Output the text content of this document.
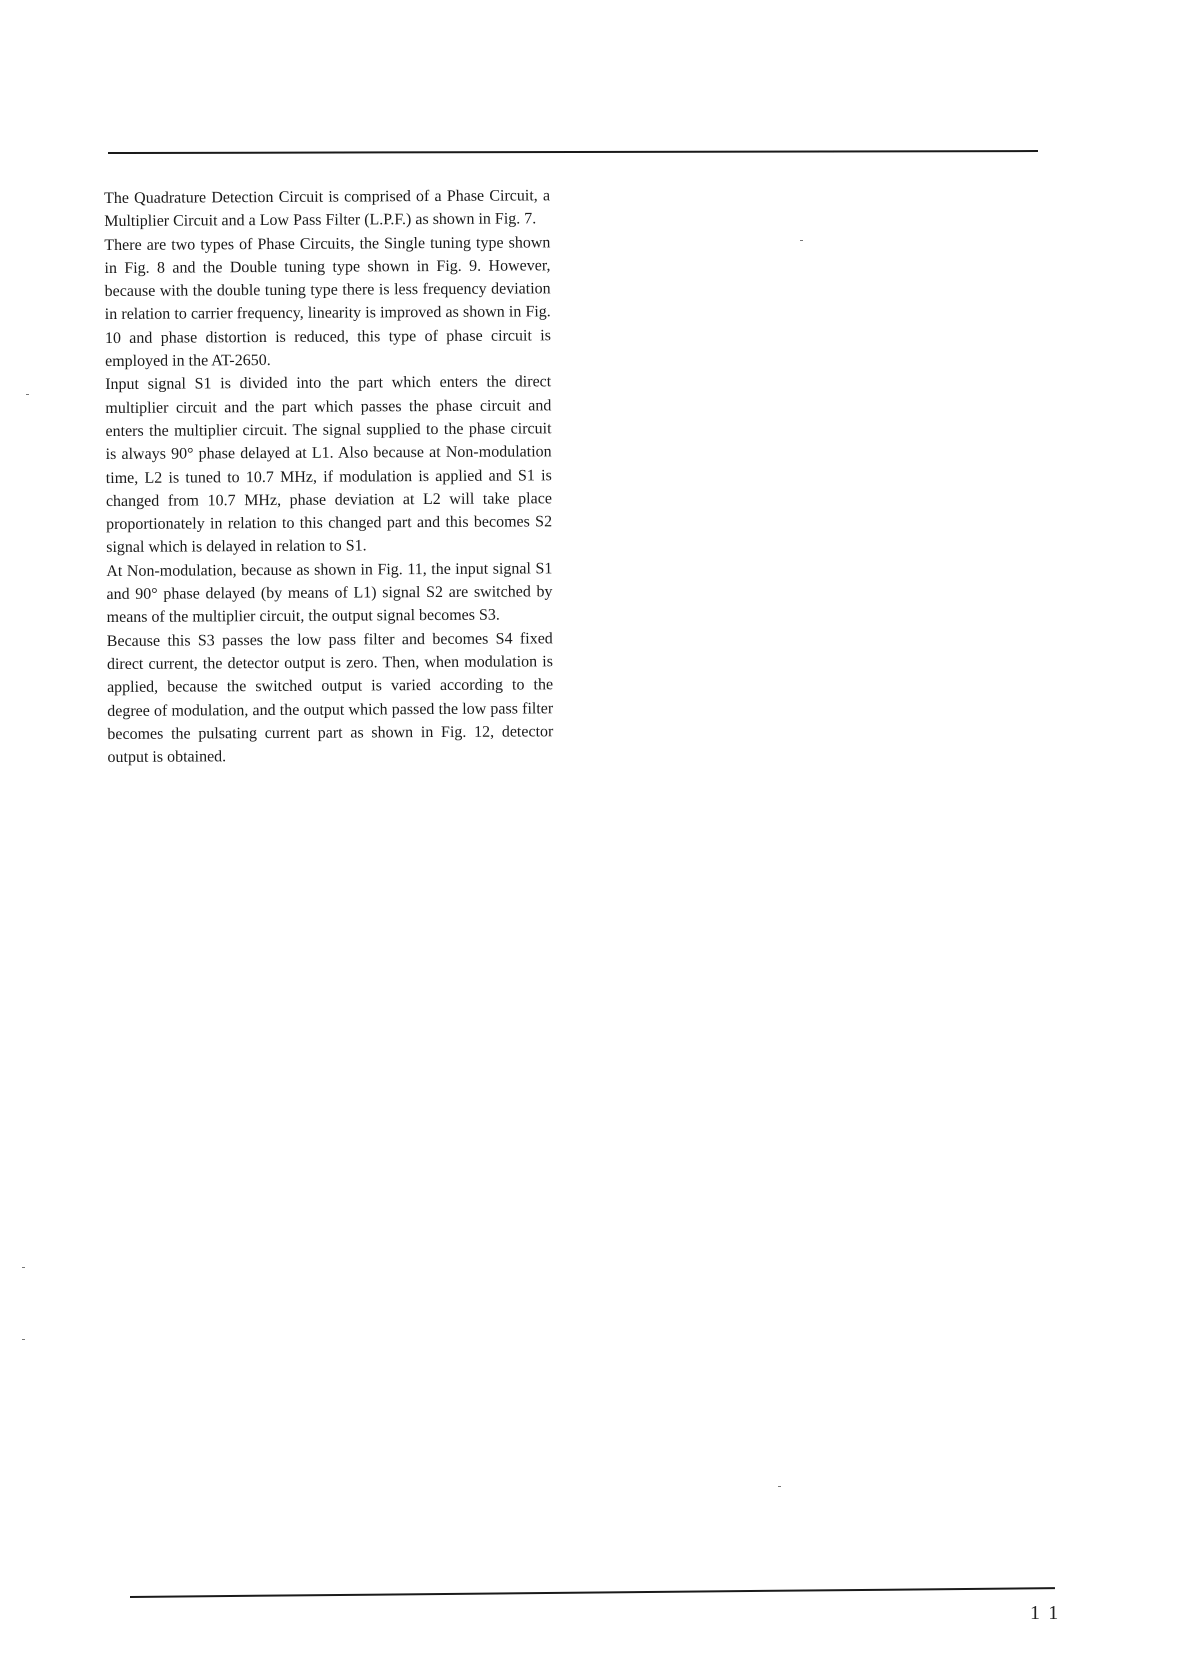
The Quadrature Detection Circuit is comprised of a Phase Circuit, a Multiplier Circuit and a Low Pass Filter (L.P.F.) as shown in Fig. 7.

There are two types of Phase Circuits, the Single tuning type shown in Fig. 8 and the Double tuning type shown in Fig. 9. However, because with the double tuning type there is less frequency deviation in relation to carrier frequency, linearity is improved as shown in Fig. 10 and phase distortion is reduced, this type of phase circuit is employed in the AT-2650.

Input signal S1 is divided into the part which enters the direct multiplier circuit and the part which passes the phase circuit and enters the multiplier circuit. The signal supplied to the phase circuit is always 90° phase delayed at L1. Also because at Non-modulation time, L2 is tuned to 10.7 MHz, if modulation is applied and S1 is changed from 10.7 MHz, phase deviation at L2 will take place proportionately in relation to this changed part and this becomes S2 signal which is delayed in relation to S1.

At Non-modulation, because as shown in Fig. 11, the input signal S1 and 90° phase delayed (by means of L1) signal S2 are switched by means of the multiplier circuit, the output signal becomes S3.

Because this S3 passes the low pass filter and becomes S4 fixed direct current, the detector output is zero. Then, when modulation is applied, because the switched output is varied according to the degree of modulation, and the output which passed the low pass filter becomes the pulsating current part as shown in Fig. 12, detector output is obtained.

11
